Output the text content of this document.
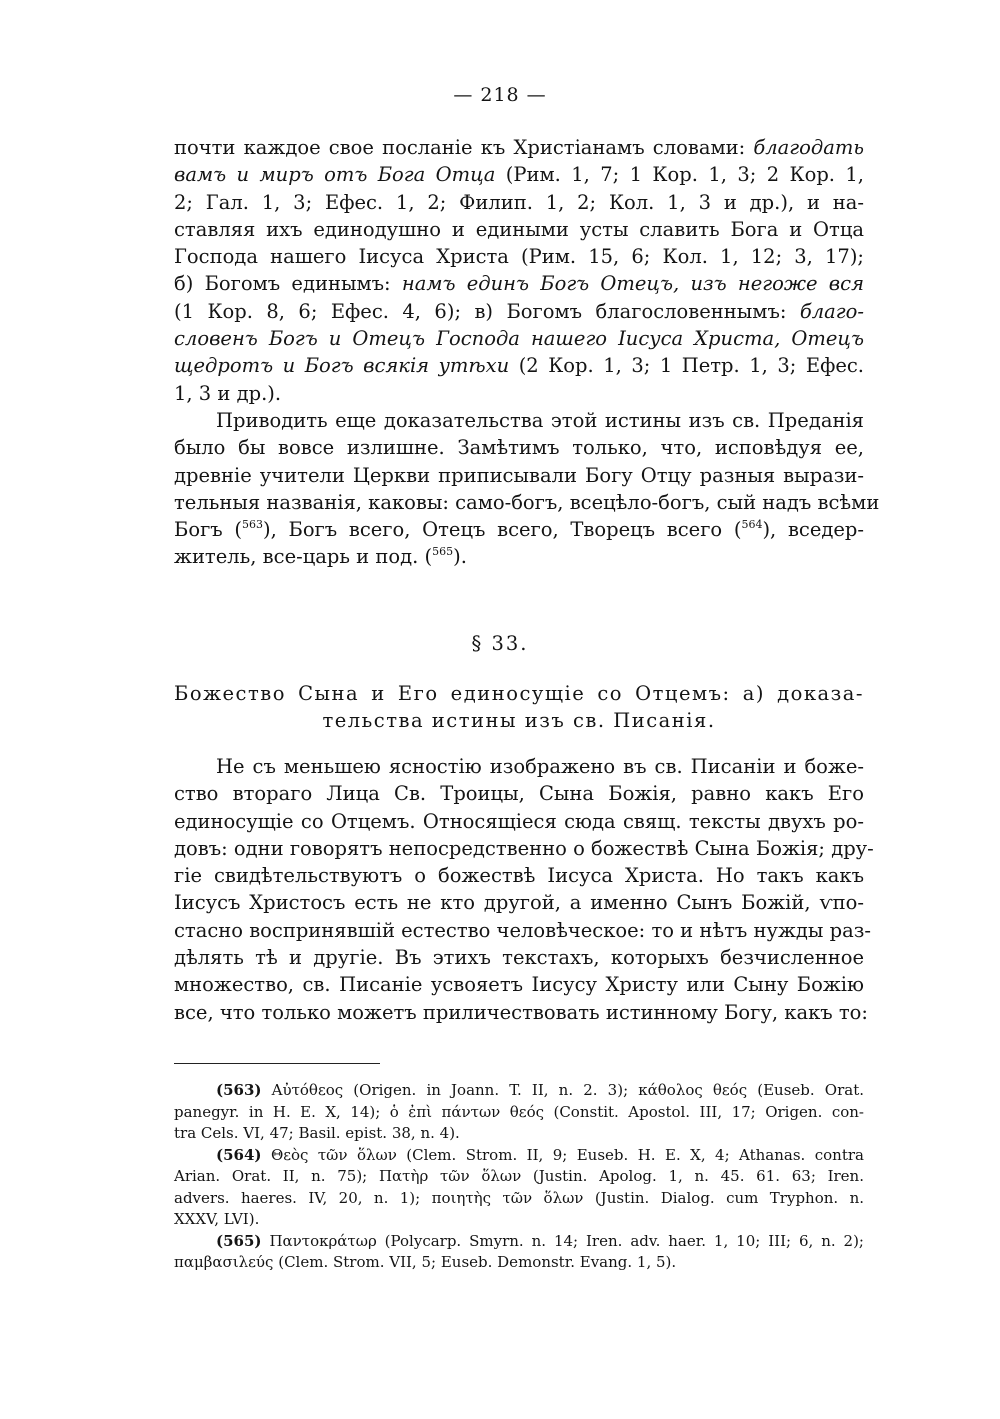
— 218 —
почти каждое свое посланіе къ Христіанамъ словами: благодать
вамъ и миръ отъ Бога Отца (Рим. 1, 7; 1 Кор. 1, 3; 2 Кор. 1,
2; Гал. 1, 3; Ефес. 1, 2; Филип. 1, 2; Кол. 1, 3 и др.), и на-
ставляя ихъ единодушно и едиными усты славить Бога и Отца
Господа нашего Іисуса Христа (Рим. 15, 6; Кол. 1, 12; 3, 17);
б) Богомъ единымъ: намъ единъ Богъ Отецъ, изъ негоже вся
(1 Кор. 8, 6; Ефес. 4, 6); в) Богомъ благословеннымъ: благо-
словенъ Богъ и Отецъ Господа нашего Іисуса Христа, Отецъ
щедротъ и Богъ всякія утѣхи (2 Кор. 1, 3; 1 Петр. 1, 3; Ефес.
1, 3 и др.).
Приводить еще доказательства этой истины изъ св. Преданія
было бы вовсе излишне. Замѣтимъ только, что, исповѣдуя ее,
древніе учители Церкви приписывали Богу Отцу разныя вырази-
тельныя названія, каковы: само-богъ, всецѣло-богъ, сый надъ всѣми
Богъ ($^{563}$), Богъ всего, Отецъ всего, Творецъ всего ($^{564}$), вседер-
житель, все-царь и под. ($^{565}$).
§ 33.
Божество Сына и Его единосущіе со Отцемъ: а) доказа-
тельства истины изъ св. Писанія.
Не съ меньшею ясностію изображено въ св. Писаніи и боже-
ство втораго Лица Св. Троицы, Сына Божія, равно какъ Его
единосущіе со Отцемъ. Относящіеся сюда свящ. тексты двухъ ро-
довъ: одни говорятъ непосредственно о божествѣ Сына Божія; дру-
гіе свидѣтельствуютъ о божествѣ Іисуса Христа. Но такъ какъ
Іисусъ Христосъ есть не кто другой, а именно Сынъ Божій, ѵпо-
стасно воспринявшій естество человѣческое: то и нѣтъ нужды раз-
дѣлять тѣ и другіе. Въ этихъ текстахъ, которыхъ безчисленное
множество, св. Писаніе усвояетъ Іисусу Христу или Сыну Божію
все, что только можетъ приличествовать истинному Богу, какъ то:
(563) Αὐτόθεος (Origen. in Joann. T. II, n. 2. 3); κάθολος θεός (Euseb. Orat.
panegyr. in H. E. X, 14); ὁ ἐπὶ πάντων θεός (Constit. Apostol. III, 17; Origen. con-
tra Cels. VI, 47; Basil. epist. 38, n. 4).
(564) Θεὸς τῶν ὅλων (Clem. Strom. II, 9; Euseb. H. E. X, 4; Athanas. contra
Arian. Orat. II, n. 75); Πατὴρ τῶν ὅλων (Justin. Apolog. 1, n. 45. 61. 63; Iren.
advers. haeres. IV, 20, n. 1); ποιητὴς τῶν ὅλων (Justin. Dialog. cum Tryphon. n.
XXXV, LVI).
(565) Παντοκράτωρ (Polycarp. Smyrn. n. 14; Iren. adv. haer. 1, 10; III; 6, n. 2);
παμβασιλεύς (Clem. Strom. VII, 5; Euseb. Demonstr. Evang. 1, 5).
